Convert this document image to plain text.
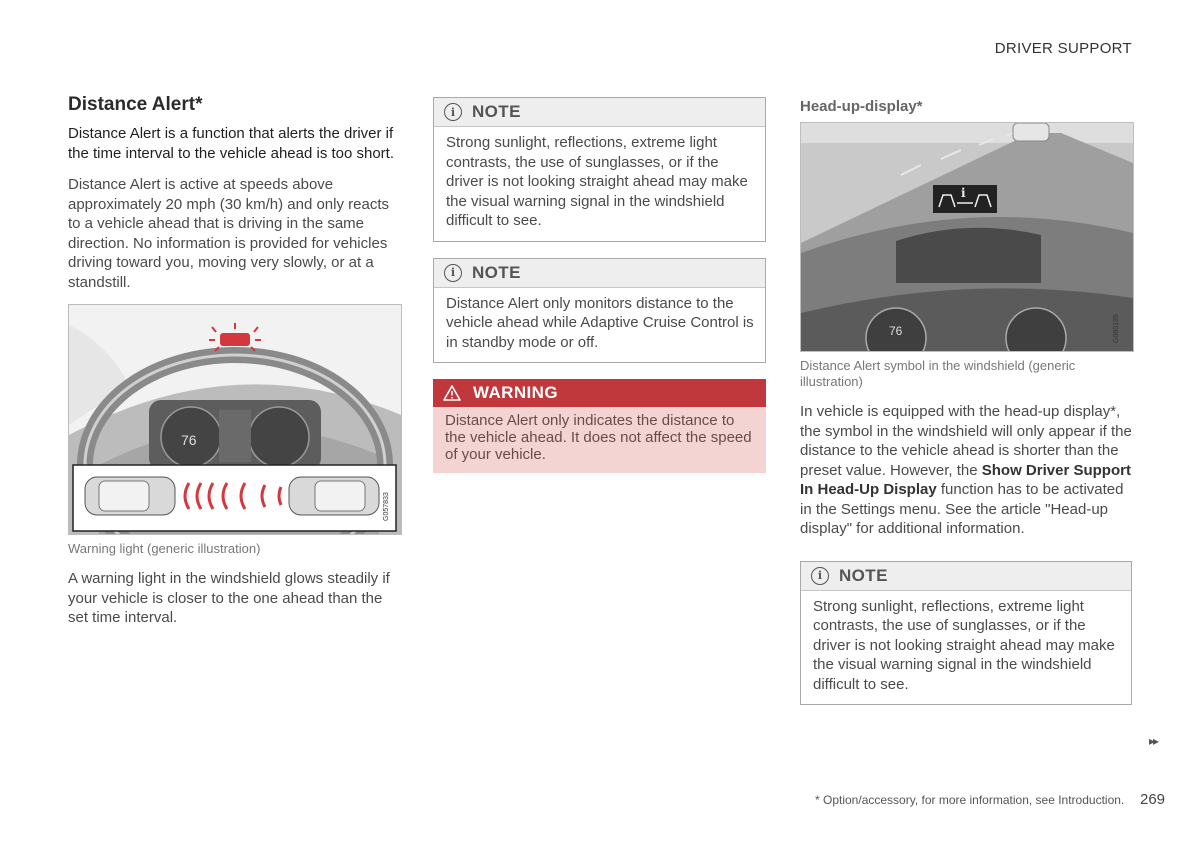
DRIVER SUPPORT
Distance Alert*

Distance Alert is a function that alerts the driver if the time interval to the vehicle ahead is too short.

Distance Alert is active at speeds above approximately 20 mph (30 km/h) and only reacts to a vehicle ahead that is driving in the same direction. No information is provided for vehicles driving toward you, moving very slowly, or at a standstill.

76
G057833
Warning light (generic illustration)

A warning light in the windshield glows steadily if your vehicle is closer to the one ahead than the set time interval.

i NOTE
Strong sunlight, reflections, extreme light contrasts, the use of sunglasses, or if the driver is not looking straight ahead may make the visual warning signal in the windshield difficult to see.
i NOTE
Distance Alert only monitors distance to the vehicle ahead while Adaptive Cruise Control is in standby mode or off.
WARNING
Distance Alert only indicates the distance to the vehicle ahead. It does not affect the speed of your vehicle.
Head-up-display*
i
76	G060195
Distance Alert symbol in the windshield (generic illustration)

In vehicle is equipped with the head-up display*, the symbol in the windshield will only appear if the distance to the vehicle ahead is shorter than the preset value. However, the Show Driver Support In Head-Up Display function has to be activated in the Settings menu. See the article "Head-up display" for additional information.

i NOTE
Strong sunlight, reflections, extreme light contrasts, the use of sunglasses, or if the driver is not looking straight ahead may make the visual warning signal in the windshield difficult to see.
▸▸
* Option/accessory, for more information, see Introduction. 269
